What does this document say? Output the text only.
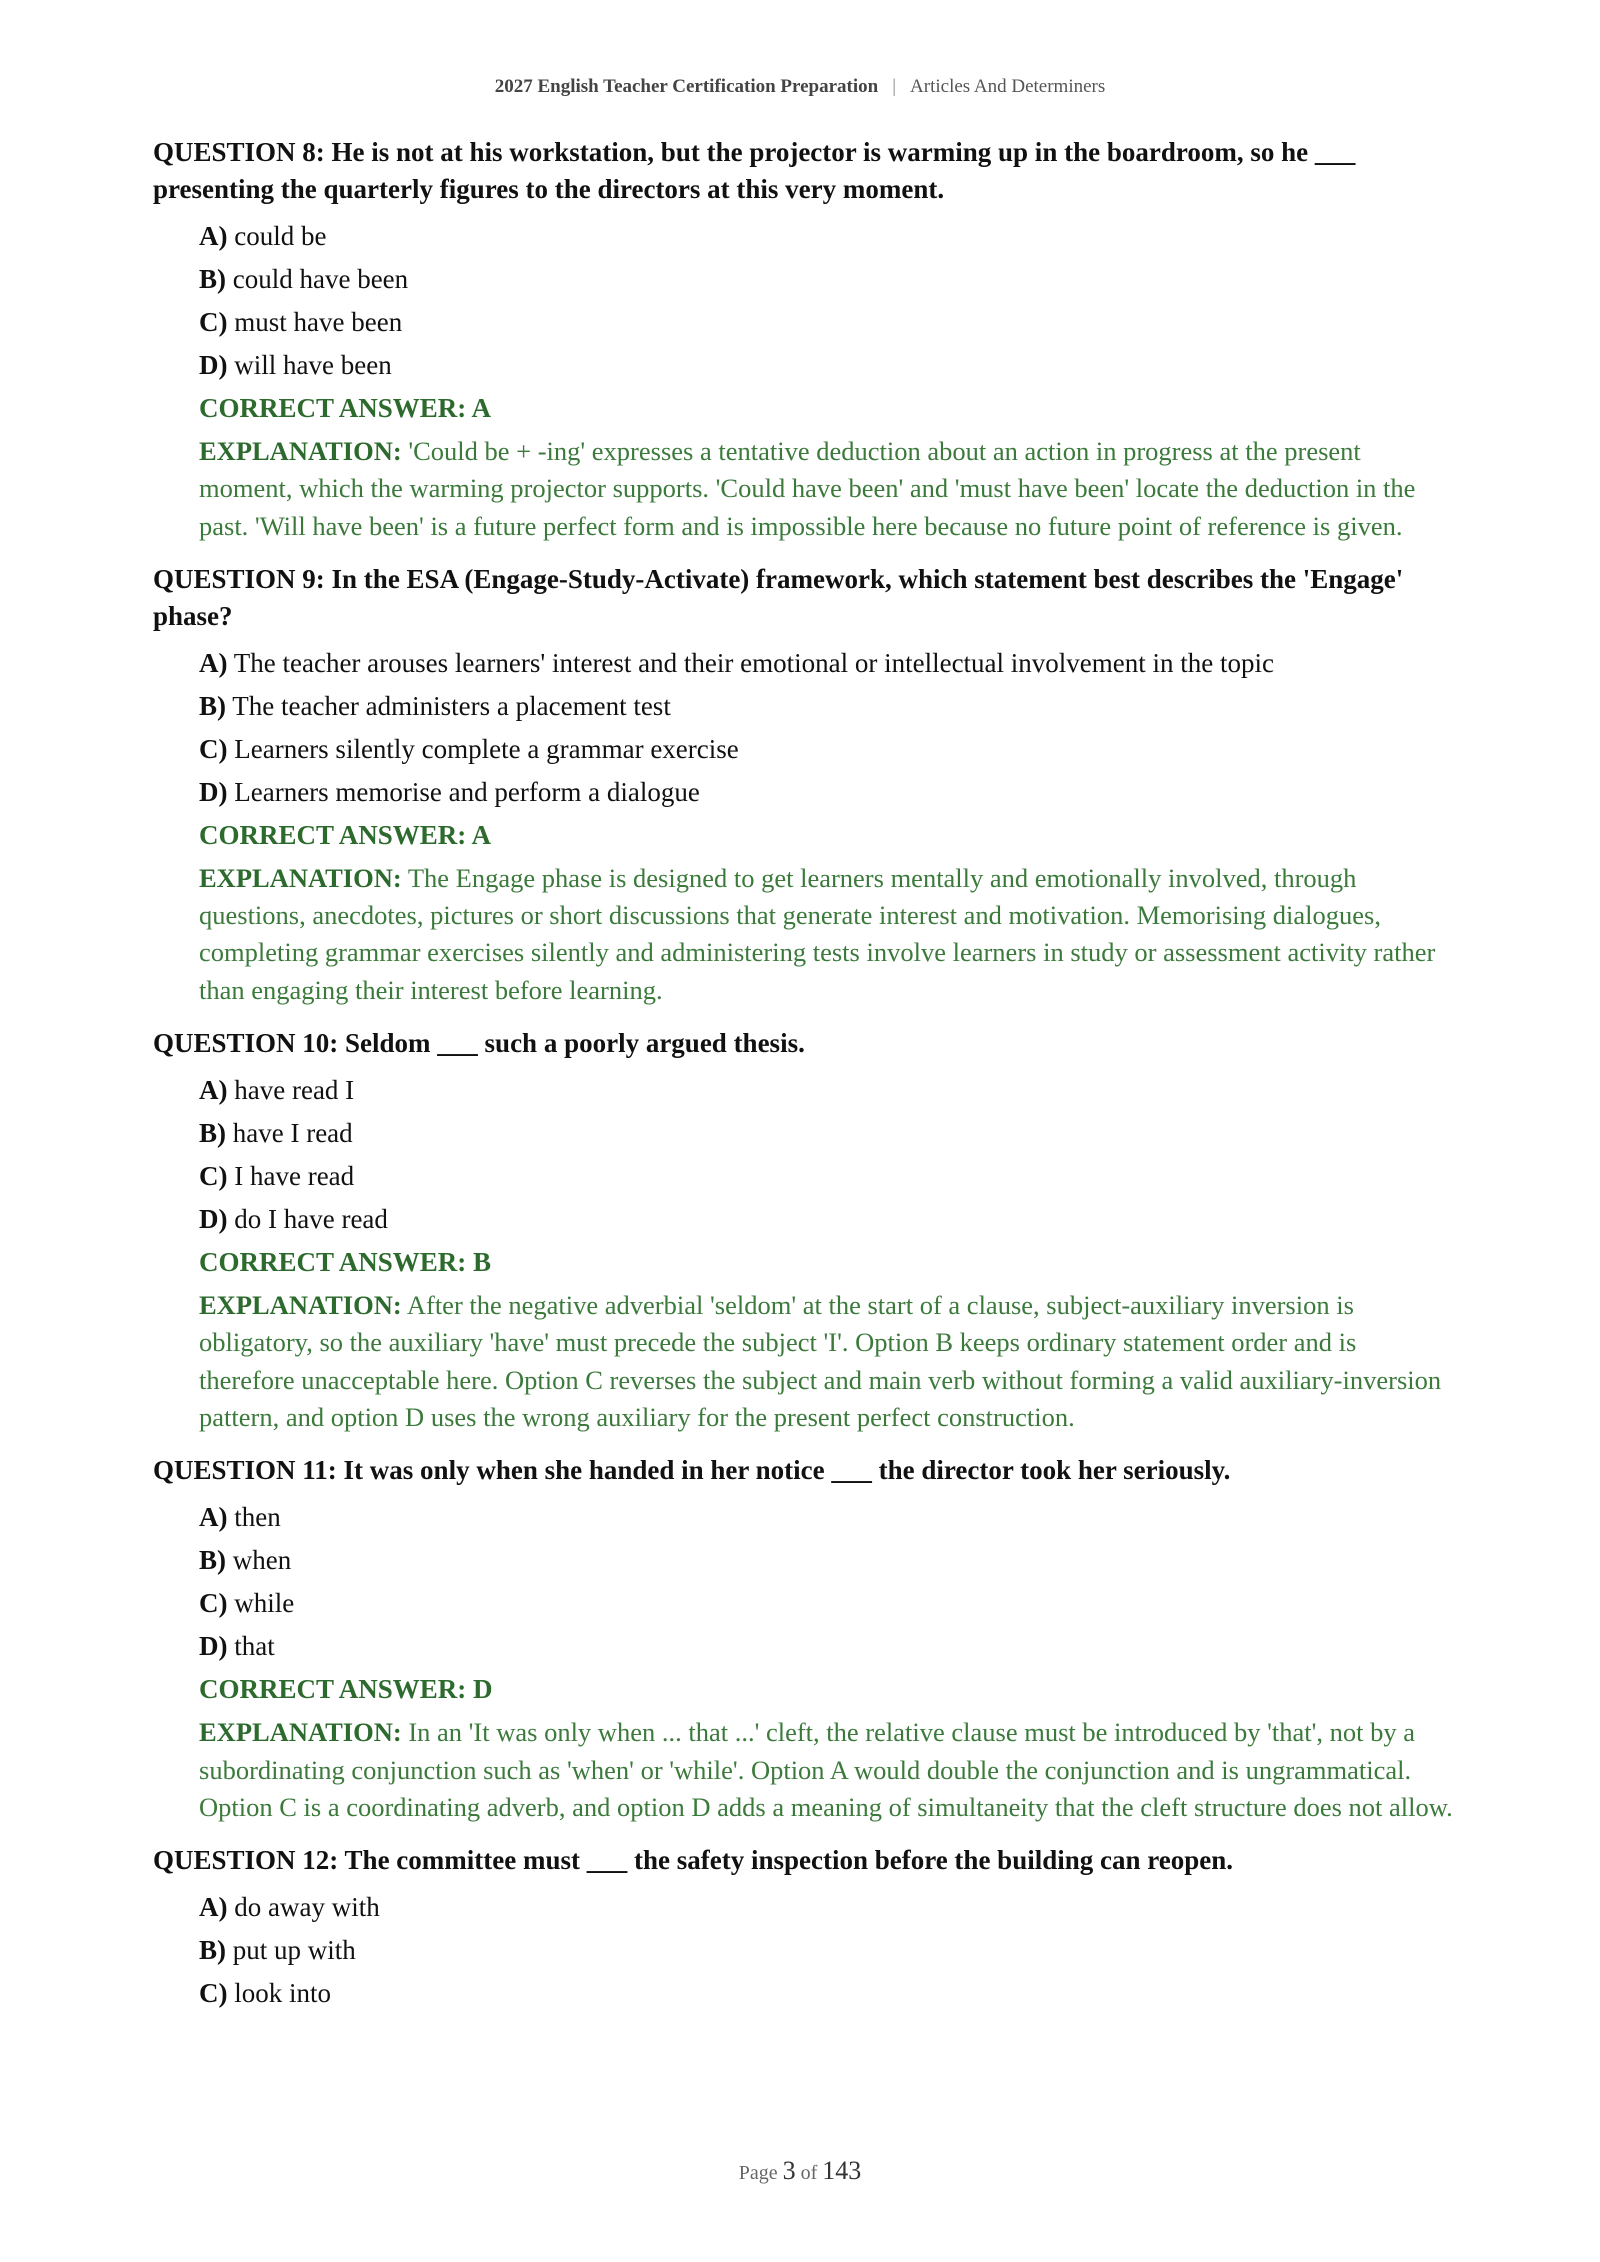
2027 English Teacher Certification Preparation | Articles And Determiners
QUESTION 8: He is not at his workstation, but the projector is warming up in the boardroom, so he ___ presenting the quarterly figures to the directors at this very moment.
A) could be
B) could have been
C) must have been
D) will have been
CORRECT ANSWER: A
EXPLANATION: 'Could be + -ing' expresses a tentative deduction about an action in progress at the present moment, which the warming projector supports. 'Could have been' and 'must have been' locate the deduction in the past. 'Will have been' is a future perfect form and is impossible here because no future point of reference is given.
QUESTION 9: In the ESA (Engage-Study-Activate) framework, which statement best describes the 'Engage' phase?
A) The teacher arouses learners' interest and their emotional or intellectual involvement in the topic
B) The teacher administers a placement test
C) Learners silently complete a grammar exercise
D) Learners memorise and perform a dialogue
CORRECT ANSWER: A
EXPLANATION: The Engage phase is designed to get learners mentally and emotionally involved, through questions, anecdotes, pictures or short discussions that generate interest and motivation. Memorising dialogues, completing grammar exercises silently and administering tests involve learners in study or assessment activity rather than engaging their interest before learning.
QUESTION 10: Seldom ___ such a poorly argued thesis.
A) have read I
B) have I read
C) I have read
D) do I have read
CORRECT ANSWER: B
EXPLANATION: After the negative adverbial 'seldom' at the start of a clause, subject-auxiliary inversion is obligatory, so the auxiliary 'have' must precede the subject 'I'. Option B keeps ordinary statement order and is therefore unacceptable here. Option C reverses the subject and main verb without forming a valid auxiliary-inversion pattern, and option D uses the wrong auxiliary for the present perfect construction.
QUESTION 11: It was only when she handed in her notice ___ the director took her seriously.
A) then
B) when
C) while
D) that
CORRECT ANSWER: D
EXPLANATION: In an 'It was only when ... that ...' cleft, the relative clause must be introduced by 'that', not by a subordinating conjunction such as 'when' or 'while'. Option A would double the conjunction and is ungrammatical. Option C is a coordinating adverb, and option D adds a meaning of simultaneity that the cleft structure does not allow.
QUESTION 12: The committee must ___ the safety inspection before the building can reopen.
A) do away with
B) put up with
C) look into
Page 3 of 143
